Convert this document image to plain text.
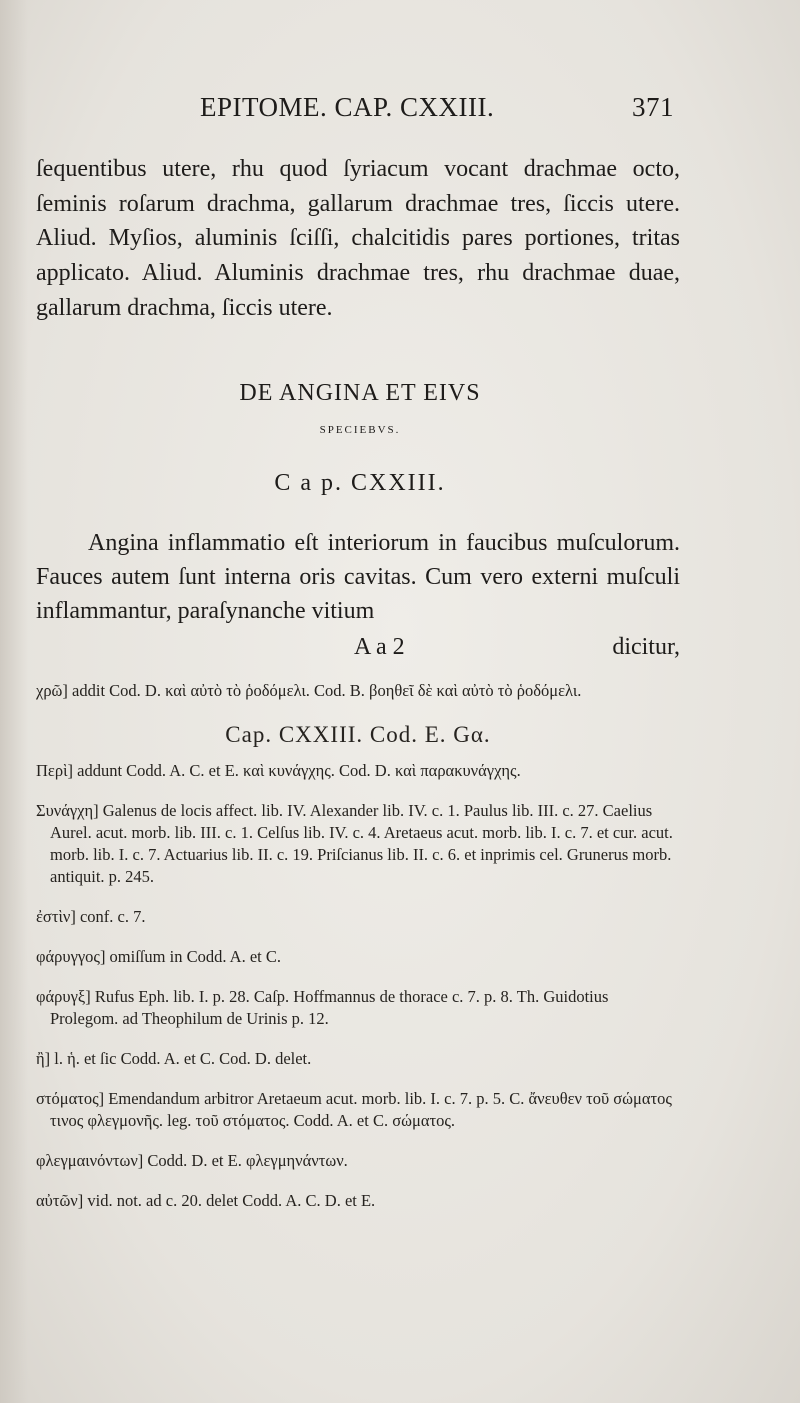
EPITOME. CAP. CXXIII.	371
ſequentibus utere, rhu quod ſyriacum vocant drachmae octo, ſeminis roſarum drachma, gallarum drachmae tres, ſiccis utere. Aliud. Myſios, aluminis ſciſſi, chalcitidis pares portiones, tritas applicato. Aliud. Aluminis drachmae tres, rhu drachmae duae, gallarum drachma, ſiccis utere.
DE ANGINA ET EIVS
SPECIEBVS.
C a p. CXXIII.
Angina inflammatio eſt interiorum in faucibus muſculorum. Fauces autem ſunt interna oris cavitas. Cum vero externi muſculi inflammantur, paraſynanche vitium
A a 2	dicitur,

χρῶ] addit Cod. D. καὶ αὐτὸ τὸ ῥοδόμελι. Cod. B. βοηθεῖ δὲ καὶ αὐτὸ τὸ ῥοδόμελι.

Cap. CXXIII. Cod. E. Gα.

Περὶ] addunt Codd. A. C. et E. καὶ κυνάγχης. Cod. D. καὶ παρακυνάγχης.

Συνάγχη] Galenus de locis affect. lib. IV. Alexander lib. IV. c. 1. Paulus lib. III. c. 27. Caelius Aurel. acut. morb. lib. III. c. 1. Celſus lib. IV. c. 4. Aretaeus acut. morb. lib. I. c. 7. et cur. acut. morb. lib. I. c. 7. Actuarius lib. II. c. 19. Priſcianus lib. II. c. 6. et inprimis cel. Grunerus morb. antiquit. p. 245.

ἐστὶν] conf. c. 7.

φάρυγγος] omiſſum in Codd. A. et C.

φάρυγξ] Rufus Eph. lib. I. p. 28. Caſp. Hoffmannus de thorace c. 7. p. 8. Th. Guidotius Prolegom. ad Theophilum de Urinis p. 12.

ἢ] l. ἡ. et ſic Codd. A. et C. Cod. D. delet.

στόματος] Emendandum arbitror Aretaeum acut. morb. lib. I. c. 7. p. 5. C. ἄνευθεν τοῦ σώματος τινος φλεγμονῆς. leg. τοῦ στόματος. Codd. A. et C. σώματος.

φλεγμαινόντων] Codd. D. et E. φλεγμηνάντων.

αὐτῶν] vid. not. ad c. 20. delet Codd. A. C. D. et E.
